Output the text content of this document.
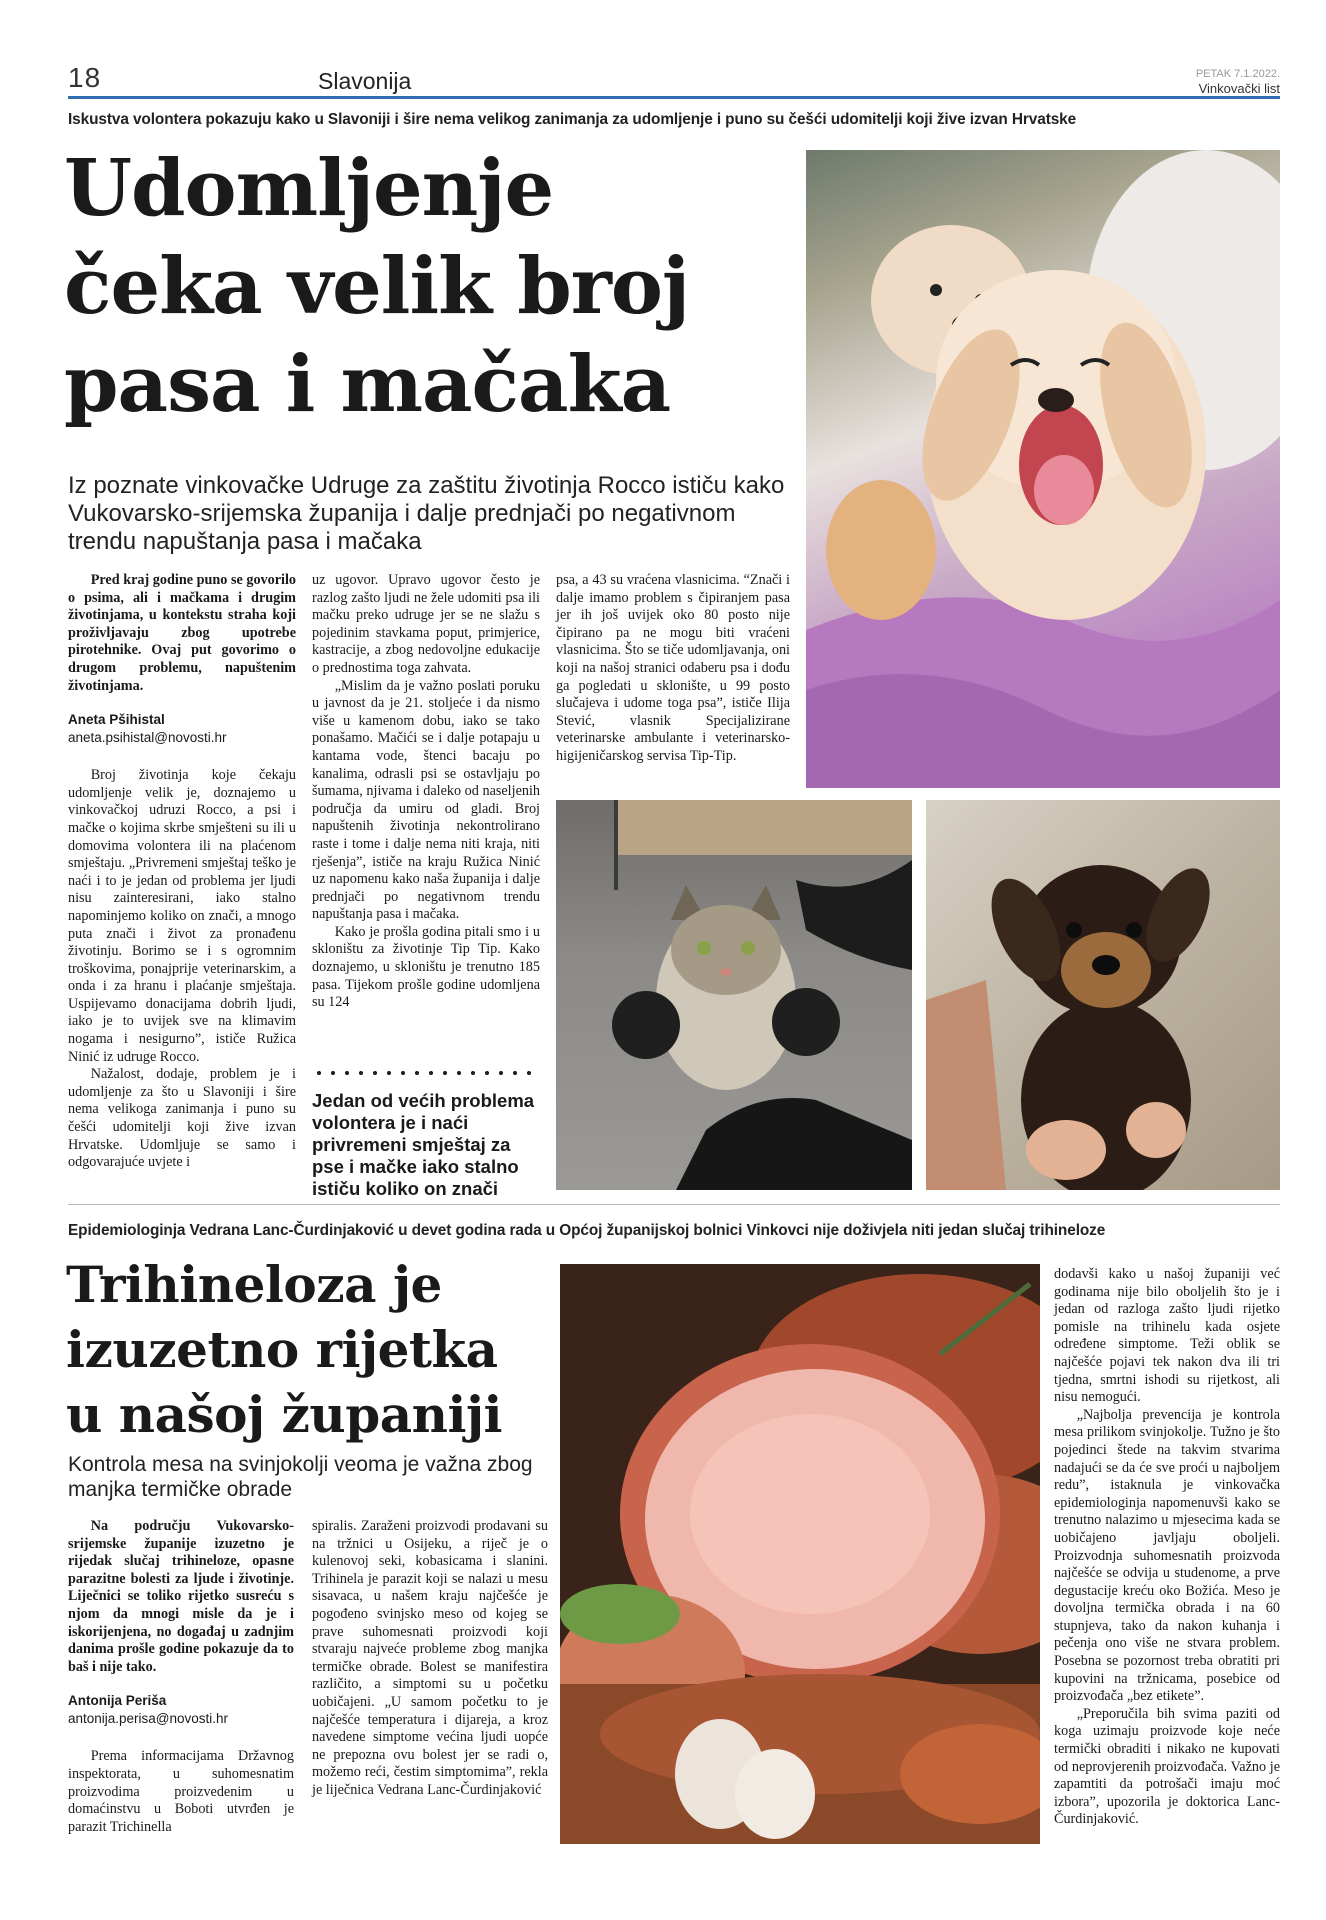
18	Slavonija	PETAK 7.1.2022.
Vinkovački list
Iskustva volontera pokazuju kako u Slavoniji i šire nema velikog zanimanja za udomljenje i puno su češći udomitelji koji žive izvan Hrvatske
Udomljenje
čeka velik broj
pasa i mačaka
Iz poznate vinkovačke Udruge za zaštitu životinja Rocco ističu kako Vukovarsko-srijemska županija i dalje prednjači po negativnom trendu napuštanja pasa i mačaka

Pred kraj godine puno se govorilo o psima, ali i mačkama i drugim životinjama, u kontekstu straha koji proživljavaju zbog upotrebe pirotehnike. Ovaj put govorimo o drugom problemu, napuštenim životinjama.

Aneta Pšihistal
aneta.psihistal@novosti.hr

Broj životinja koje čekaju udomljenje velik je, doznajemo u vinkovačkoj udruzi Rocco, a psi i mačke o kojima skrbe smješteni su ili u domovima volontera ili na plaćenom smještaju. „Privremeni smještaj teško je naći i to je jedan od problema jer ljudi nisu zainteresirani, iako stalno napominjemo koliko on znači, a mnogo puta znači i život za pronađenu životinju. Borimo se i s ogromnim troškovima, ponajprije veterinarskim, a onda i za hranu i plaćanje smještaja. Uspijevamo donacijama dobrih ljudi, iako je to uvijek sve na klimavim nogama i nesigurno”, ističe Ružica Ninić iz udruge Rocco.

Nažalost, dodaje, problem je i udomljenje za što u Slavoniji i šire nema velikoga zanimanja i puno su češći udomitelji koji žive izvan Hrvatske. Udomljuje se samo i odgovarajuće uvjete i

uz ugovor. Upravo ugovor često je razlog zašto ljudi ne žele udomiti psa ili mačku preko udruge jer se ne slažu s pojedinim stavkama poput, primjerice, kastracije, a zbog nedovoljne edukacije o prednostima toga zahvata.

„Mislim da je važno poslati poruku u javnost da je 21. stoljeće i da nismo više u kamenom dobu, iako se tako ponašamo. Mačići se i dalje potapaju u kantama vode, štenci bacaju po kanalima, odrasli psi se ostavljaju po šumama, njivama i daleko od naseljenih područja da umiru od gladi. Broj napuštenih životinja nekontrolirano raste i tome i dalje nema niti kraja, niti rješenja”, ističe na kraju Ružica Ninić uz napomenu kako naša županija i dalje prednjači po negativnom trendu napuštanja pasa i mačaka.

Kako je prošla godina pitali smo i u skloništu za životinje Tip Tip. Kako doznajemo, u skloništu je trenutno 185 pasa. Tijekom prošle godine udomljena su 124

psa, a 43 su vraćena vlasnicima. “Znači i dalje imamo problem s čipiranjem pasa jer ih još uvijek oko 80 posto nije čipirano pa ne mogu biti vraćeni vlasnicima. Što se tiče udomljavanja, oni koji na našoj stranici odaberu psa i dođu ga pogledati u sklonište, u 99 posto slučajeva i udome toga psa”, ističe Ilija Stević, vlasnik Specijalizirane veterinarske ambulante i veterinarsko-higijeničarskog servisa Tip-Tip.

Jedan od većih problema volontera je i naći privremeni smještaj za pse i mačke iako stalno ističu koliko on znači
Epidemiologinja Vedrana Lanc-Čurdinjaković u devet godina rada u Općoj županijskoj bolnici Vinkovci nije doživjela niti jedan slučaj trihineloze
Trihineloza je
izuzetno rijetka
u našoj županiji
Kontrola mesa na svinjokolji veoma je važna zbog manjka termičke obrade

Na području Vukovarsko-srijemske županije izuzetno je rijedak slučaj trihineloze, opasne parazitne bolesti za ljude i životinje. Liječnici se toliko rijetko susreću s njom da mnogi misle da je i iskorijenjena, no događaj u zadnjim danima prošle godine pokazuje da to baš i nije tako.

Antonija Periša
antonija.perisa@novosti.hr

Prema informacijama Državnog inspektorata, u suhomesnatim proizvodima proizvedenim u domaćinstvu u Boboti utvrđen je parazit Trichinella

spiralis. Zaraženi proizvodi prodavani su na tržnici u Osijeku, a riječ je o kulenovoj seki, kobasicama i slanini. Trihinela je parazit koji se nalazi u mesu sisavaca, u našem kraju najčešće je pogođeno svinjsko meso od kojeg se prave suhomesnati proizvodi koji stvaraju najveće probleme zbog manjka termičke obrade. Bolest se manifestira različito, a simptomi su u početku uobičajeni. „U samom početku to je najčešće temperatura i dijareja, a kroz navedene simptome većina ljudi uopće ne prepozna ovu bolest jer se radi o, možemo reći, čestim simptomima”, rekla je liječnica Vedrana Lanc-Čurdinjaković

dodavši kako u našoj županiji već godinama nije bilo oboljelih što je i jedan od razloga zašto ljudi rijetko pomisle na trihinelu kada osjete određene simptome. Teži oblik se najčešće pojavi tek nakon dva ili tri tjedna, smrtni ishodi su rijetkost, ali nisu nemogući.

„Najbolja prevencija je kontrola mesa prilikom svinjokolje. Tužno je što pojedinci štede na takvim stvarima nadajući se da će sve proći u najboljem redu”, istaknula je vinkovačka epidemiologinja napomenuvši kako se trenutno nalazimo u mjesecima kada se uobičajeno javljaju oboljeli. Proizvodnja suhomesnatih proizvoda najčešće se odvija u studenome, a prve degustacije kreću oko Božića. Meso je dovoljna termička obrada i na 60 stupnjeva, tako da nakon kuhanja i pečenja ono više ne stvara problem. Posebna se pozornost treba obratiti pri kupovini na tržnicama, posebice od proizvođača „bez etikete”.

„Preporučila bih svima paziti od koga uzimaju proizvode koje neće termički obraditi i nikako ne kupovati od neprovjerenih proizvođača. Važno je zapamtiti da potrošači imaju moć izbora”, upozorila je doktorica Lanc-Čurdinjaković.
